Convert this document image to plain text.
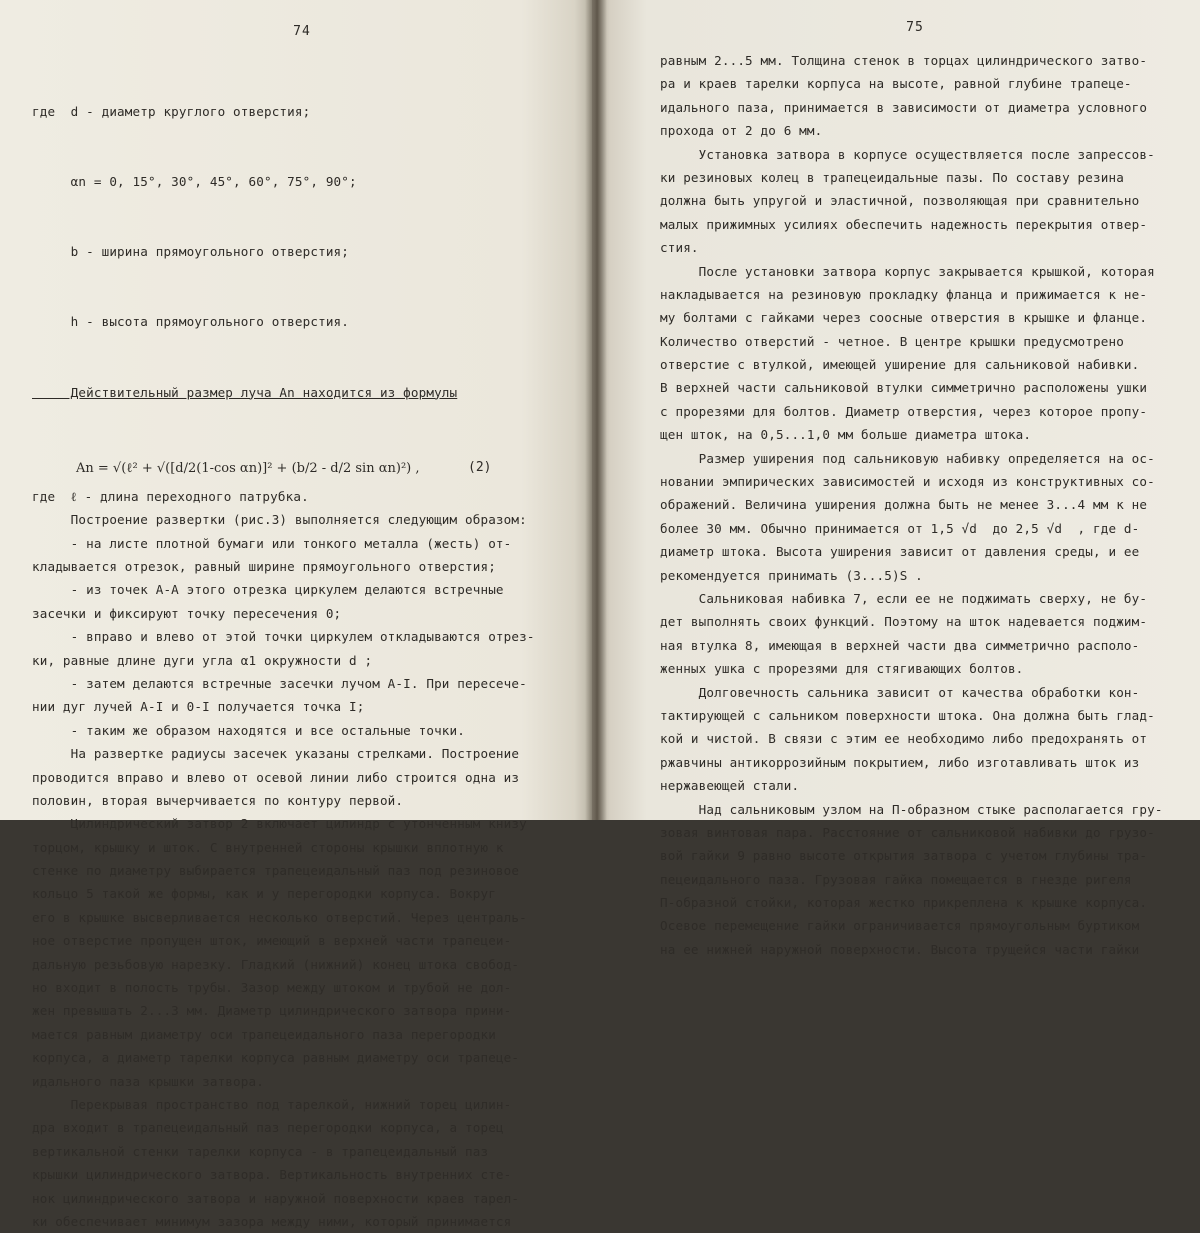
74

где  d - диаметр круглого отверстия;

αn = 0, 15°, 30°, 45°, 60°, 75°, 90°;

b - ширина прямоугольного отверстия;

h - высота прямоугольного отверстия.

Действительный размер луча An находится из формулы

An = √(ℓ² + √([d/2(1-cos αn)]² + (b/2 - d/2 sin αn)²) ,	(2)
где  ℓ - длина переходного патрубка.
Построение развертки (рис.3) выполняется следующим образом:
- на листе плотной бумаги или тонкого металла (жесть) от-
кладывается отрезок, равный ширине прямоугольного отверстия;
- из точек А-А этого отрезка циркулем делаются встречные
засечки и фиксируют точку пересечения 0;
- вправо и влево от этой точки циркулем откладываются отрез-
ки, равные длине дуги угла α1 окружности d ;
- затем делаются встречные засечки лучом А-I. При пересече-
нии дуг лучей А-I и 0-I получается точка I;
- таким же образом находятся и все остальные точки.
На развертке радиусы засечек указаны стрелками. Построение
проводится вправо и влево от осевой линии либо строится одна из
половин, вторая вычерчивается по контуру первой.
Цилиндрический затвор 2 включает цилиндр с утонченным книзу
торцом, крышку и шток. С внутренней стороны крышки вплотную к
стенке по диаметру выбирается трапецеидальный паз под резиновое
кольцо 5 такой же формы, как и у перегородки корпуса. Вокруг
его в крышке высверливается несколько отверстий. Через централь-
ное отверстие пропущен шток, имеющий в верхней части трапецеи-
дальную резьбовую нарезку. Гладкий (нижний) конец штока свобод-
но входит в полость трубы. Зазор между штоком и трубой не дол-
жен превышать 2...3 мм. Диаметр цилиндрического затвора прини-
мается равным диаметру оси трапецеидального паза перегородки
корпуса, а диаметр тарелки корпуса равным диаметру оси трапеце-
идального паза крышки затвора.
Перекрывая пространство под тарелкой, нижний торец цилин-
дра входит в трапецеидальный паз перегородки корпуса, а торец
вертикальной стенки тарелки корпуса - в трапецеидальный паз
крышки цилиндрического затвора. Вертикальность внутренних сте-
нок цилиндрического затвора и наружной поверхности краев тарел-
ки обеспечивает минимум зазора между ними, который принимается
75
равным 2...5 мм. Толщина стенок в торцах цилиндрического затво-
ра и краев тарелки корпуса на высоте, равной глубине трапеце-
идального паза, принимается в зависимости от диаметра условного
прохода от 2 до 6 мм.
Установка затвора в корпусе осуществляется после запрессов-
ки резиновых колец в трапецеидальные пазы. По составу резина
должна быть упругой и эластичной, позволяющая при сравнительно
малых прижимных усилиях обеспечить надежность перекрытия отвер-
стия.
После установки затвора корпус закрывается крышкой, которая
накладывается на резиновую прокладку фланца и прижимается к не-
му болтами с гайками через соосные отверстия в крышке и фланце.
Количество отверстий - четное. В центре крышки предусмотрено
отверстие с втулкой, имеющей уширение для сальниковой набивки.
В верхней части сальниковой втулки симметрично расположены ушки
с прорезями для болтов. Диаметр отверстия, через которое пропу-
щен шток, на 0,5...1,0 мм больше диаметра штока.
Размер уширения под сальниковую набивку определяется на ос-
новании эмпирических зависимостей и исходя из конструктивных со-
ображений. Величина уширения должна быть не менее 3...4 мм к не
более 30 мм. Обычно принимается от 1,5 √d  до 2,5 √d  , где d-
диаметр штока. Высота уширения зависит от давления среды, и ее
рекомендуется принимать (3...5)S .
Сальниковая набивка 7, если ее не поджимать сверху, не бу-
дет выполнять своих функций. Поэтому на шток надевается поджим-
ная втулка 8, имеющая в верхней части два симметрично располо-
женных ушка с прорезями для стягивающих болтов.
Долговечность сальника зависит от качества обработки кон-
тактирующей с сальником поверхности штока. Она должна быть глад-
кой и чистой. В связи с этим ее необходимо либо предохранять от
ржавчины антикоррозийным покрытием, либо изготавливать шток из
нержавеющей стали.
Над сальниковым узлом на П-образном стыке располагается гру-
зовая винтовая пара. Расстояние от сальниковой набивки до грузо-
вой гайки 9 равно высоте открытия затвора с учетом глубины тра-
пецеидального паза. Грузовая гайка помещается в гнезде ригеля
П-образной стойки, которая жестко прикреплена к крышке корпуса.
Осевое перемещение гайки ограничивается прямоугольным буртиком
на ее нижней наружной поверхности. Высота трущейся части гайки
